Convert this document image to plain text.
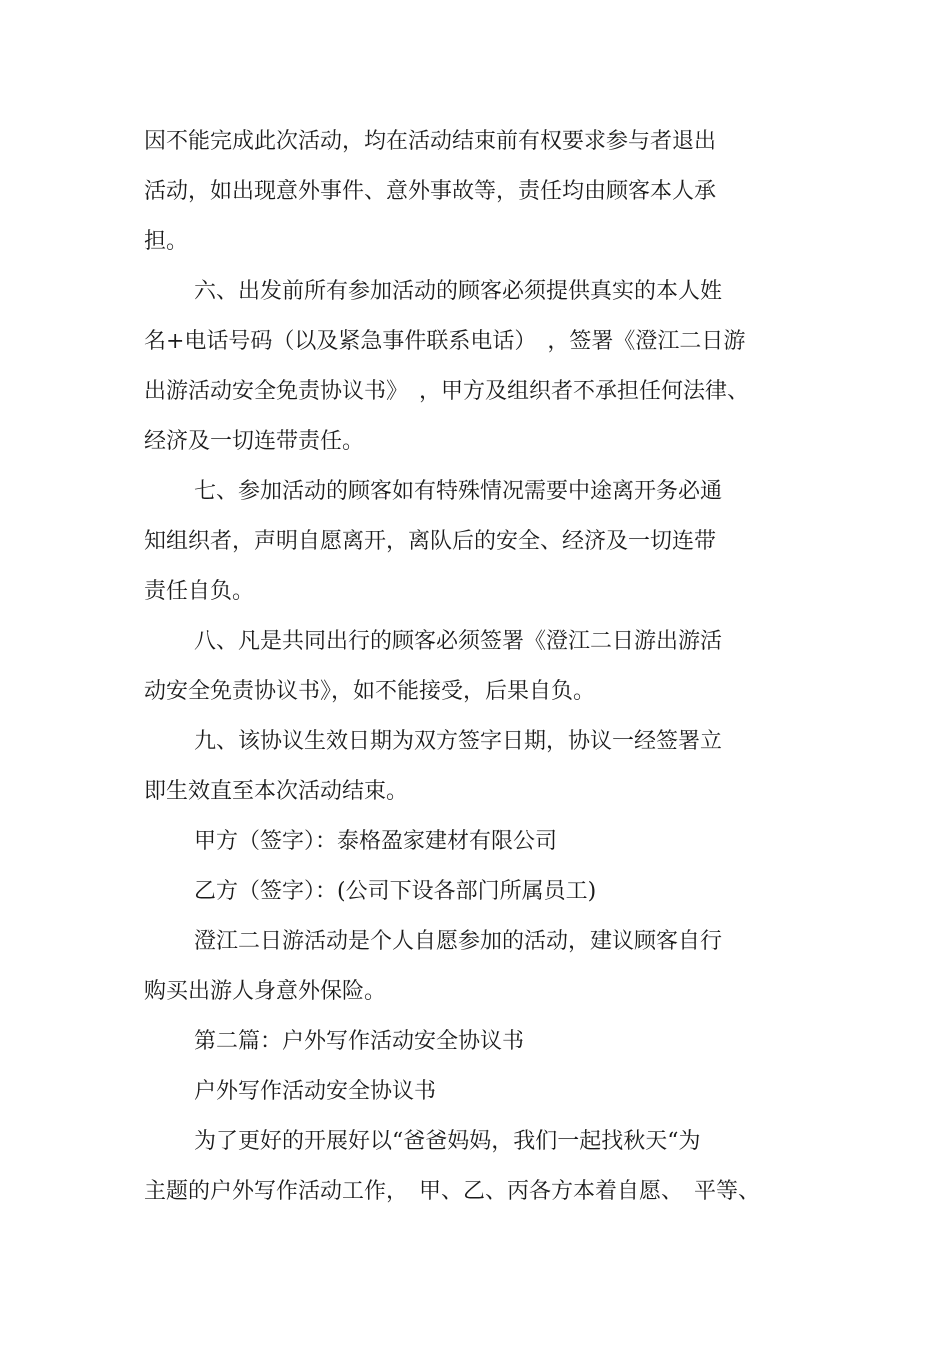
因不能完成此次活动，均在活动结束前有权要求参与者退出
活动，如出现意外事件、意外事故等，责任均由顾客本人承
担。
六、出发前所有参加活动的顾客必须提供真实的本人姓
名+电话号码（以及紧急事件联系电话）　，签署《澄江二日游
出游活动安全免责协议书》　，甲方及组织者不承担任何法律、
经济及一切连带责任。
七、参加活动的顾客如有特殊情况需要中途离开务必通
知组织者，声明自愿离开，离队后的安全、经济及一切连带
责任自负。
八、凡是共同出行的顾客必须签署《澄江二日游出游活
动安全免责协议书》，如不能接受，后果自负。
九、该协议生效日期为双方签字日期，协议一经签署立
即生效直至本次活动结束。
甲方（签字）：泰格盈家建材有限公司
乙方（签字）：(公司下设各部门所属员工)
澄江二日游活动是个人自愿参加的活动，建议顾客自行
购买出游人身意外保险。
第二篇：户外写作活动安全协议书
户外写作活动安全协议书
为了更好的开展好以“爸爸妈妈，我们一起找秋天“为
主题的户外写作活动工作，　甲、乙、丙各方本着自愿、　平等、
